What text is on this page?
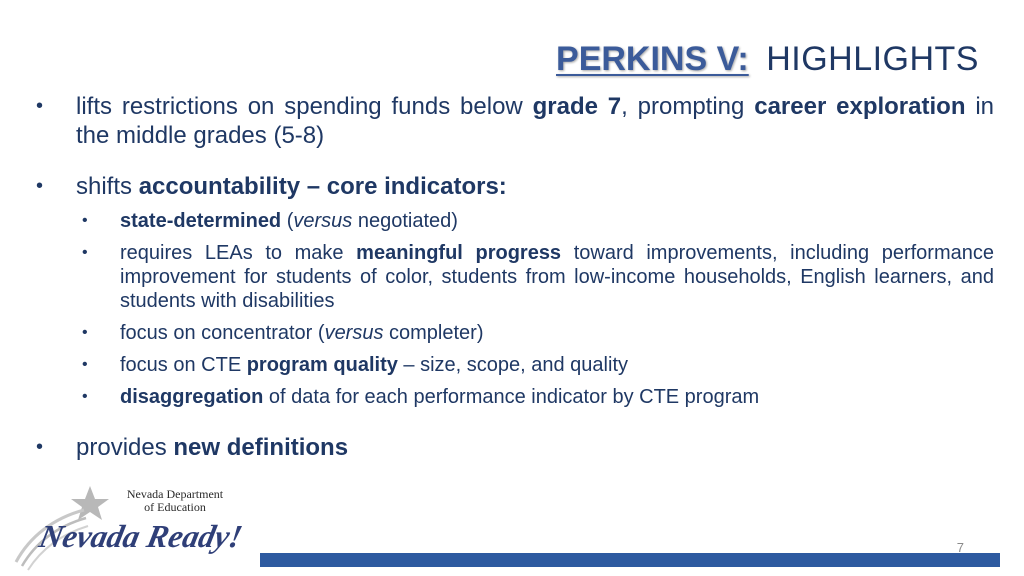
PERKINS V: HIGHLIGHTS
• lifts restrictions on spending funds below grade 7, prompting career exploration in the middle grades (5-8)

• shifts accountability – core indicators:

• state-determined (versus negotiated)
• requires LEAs to make meaningful progress toward improvements, including performance improvement for students of color, students from low-income households, English learners, and students with disabilities
• focus on concentrator (versus completer)
• focus on CTE program quality – size, scope, and quality
• disaggregation of data for each performance indicator by CTE program
• provides new definitions

Nevada Department
of Education
Nevada Ready!	7
